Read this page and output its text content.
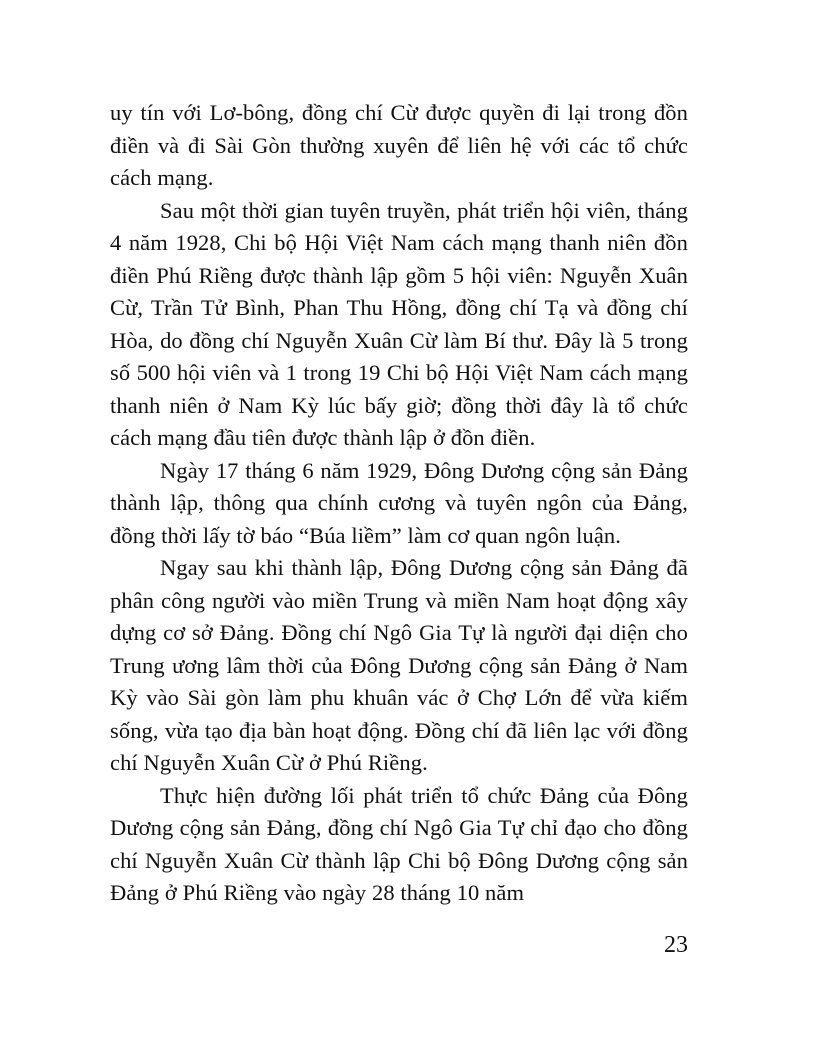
uy tín với Lơ-bông, đồng chí Cừ được quyền đi lại trong đồn điền và đi Sài Gòn thường xuyên để liên hệ với các tổ chức cách mạng.

Sau một thời gian tuyên truyền, phát triển hội viên, tháng 4 năm 1928, Chi bộ Hội Việt Nam cách mạng thanh niên đồn điền Phú Riềng được thành lập gồm 5 hội viên: Nguyễn Xuân Cừ, Trần Tử Bình, Phan Thu Hồng, đồng chí Tạ và đồng chí Hòa, do đồng chí Nguyễn Xuân Cừ làm Bí thư. Đây là 5 trong số 500 hội viên và 1 trong 19 Chi bộ Hội Việt Nam cách mạng thanh niên ở Nam Kỳ lúc bấy giờ; đồng thời đây là tổ chức cách mạng đầu tiên được thành lập ở đồn điền.

Ngày 17 tháng 6 năm 1929, Đông Dương cộng sản Đảng thành lập, thông qua chính cương và tuyên ngôn của Đảng, đồng thời lấy tờ báo “Búa liềm” làm cơ quan ngôn luận.

Ngay sau khi thành lập, Đông Dương cộng sản Đảng đã phân công người vào miền Trung và miền Nam hoạt động xây dựng cơ sở Đảng. Đồng chí Ngô Gia Tự là người đại diện cho Trung ương lâm thời của Đông Dương cộng sản Đảng ở Nam Kỳ vào Sài gòn làm phu khuân vác ở Chợ Lớn để vừa kiếm sống, vừa tạo địa bàn hoạt động. Đồng chí đã liên lạc với đồng chí Nguyễn Xuân Cừ ở Phú Riềng.

Thực hiện đường lối phát triển tổ chức Đảng của Đông Dương cộng sản Đảng, đồng chí Ngô Gia Tự chỉ đạo cho đồng chí Nguyễn Xuân Cừ thành lập Chi bộ Đông Dương cộng sản Đảng ở Phú Riềng vào ngày 28 tháng 10 năm

23
